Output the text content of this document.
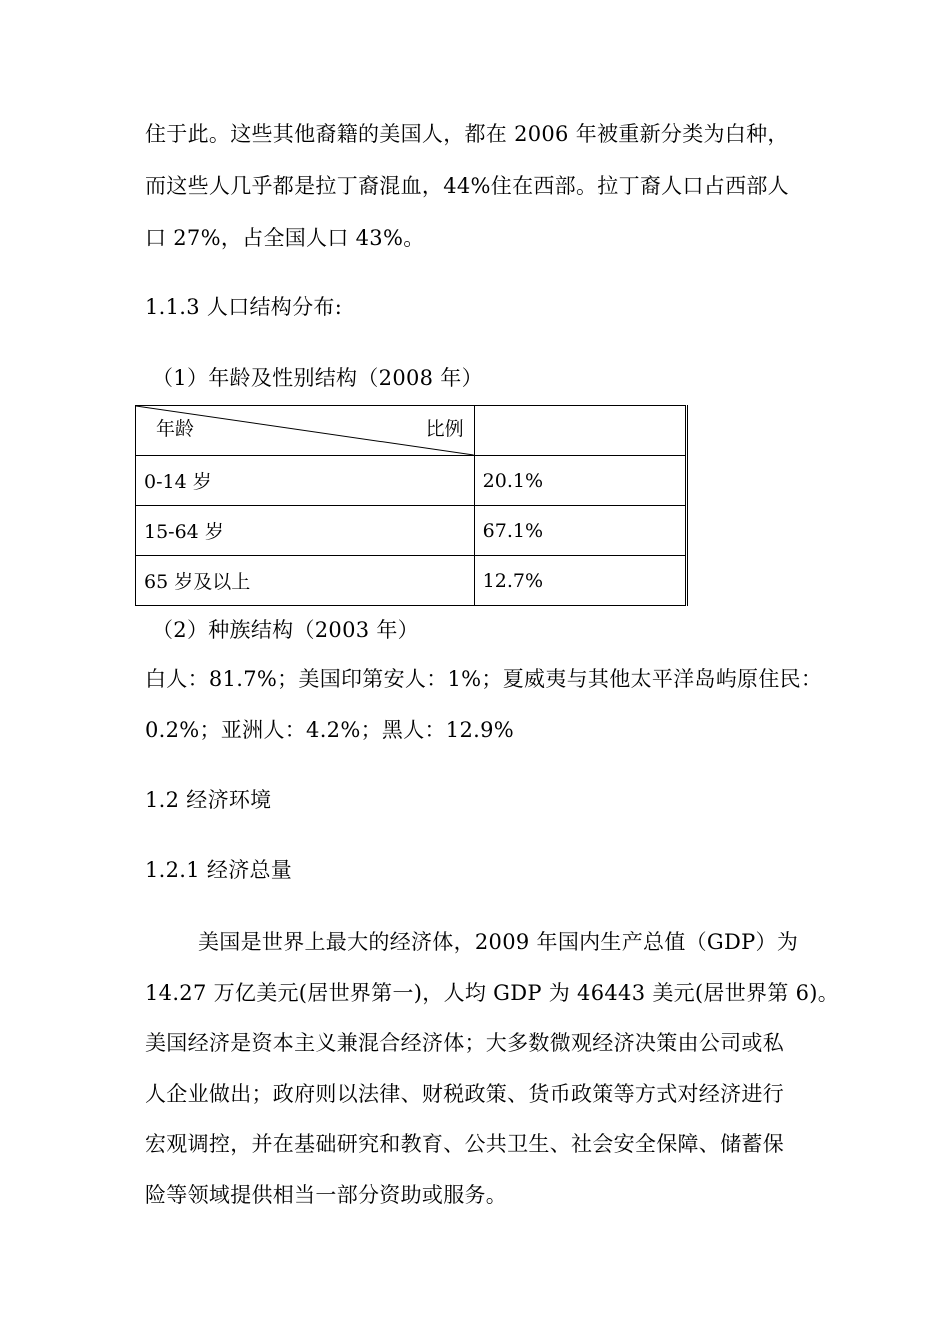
住于此。这些其他裔籍的美国人，都在 2006 年被重新分类为白种，
而这些人几乎都是拉丁裔混血，44%住在西部。拉丁裔人口占西部人
口 27%，占全国人口 43%。
1.1.3 人口结构分布:
（1）年龄及性别结构（2008 年）
年龄 比例	

0-14 岁	20.1%
15-64 岁	67.1%
65 岁及以上	12.7%
（2）种族结构（2003 年）
白人：81.7%；美国印第安人：1%；夏威夷与其他太平洋岛屿原住民：
0.2%；亚洲人：4.2%；黑人：12.9%
1.2 经济环境
1.2.1 经济总量
美国是世界上最大的经济体，2009 年国内生产总值（GDP）为
14.27 万亿美元(居世界第一)，人均 GDP 为 46443 美元(居世界第 6)。
美国经济是资本主义兼混合经济体；大多数微观经济决策由公司或私
人企业做出；政府则以法律、财税政策、货币政策等方式对经济进行
宏观调控，并在基础研究和教育、公共卫生、社会安全保障、储蓄保
险等领域提供相当一部分资助或服务。
